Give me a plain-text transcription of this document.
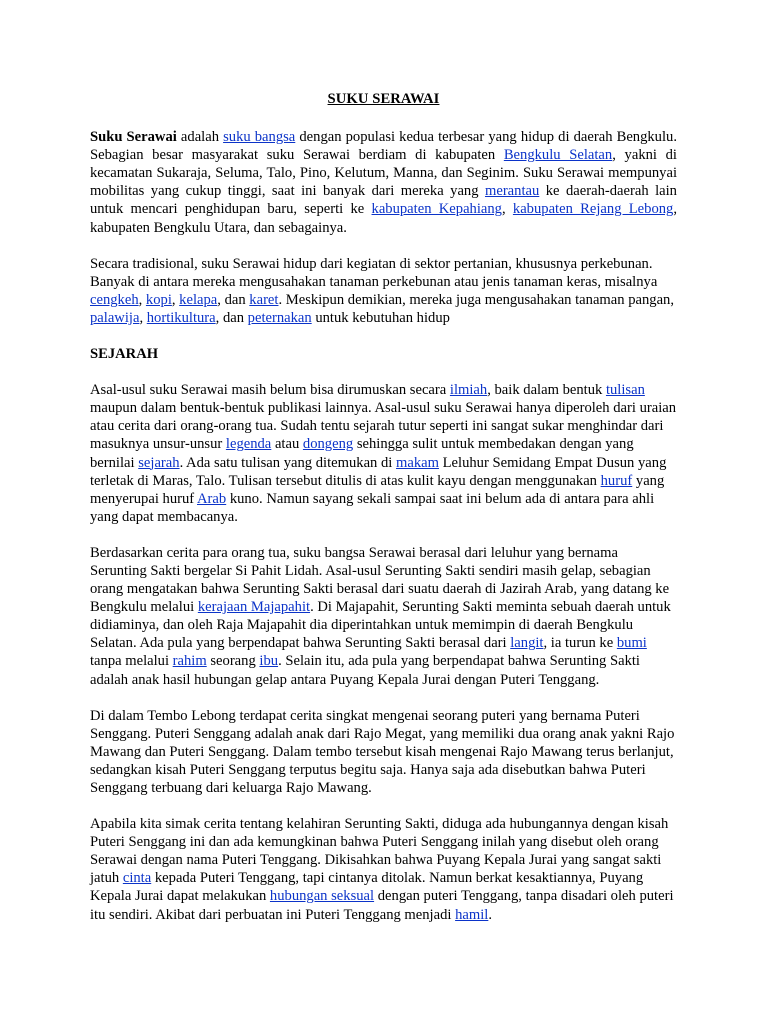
SUKU SERAWAI

Suku Serawai adalah suku bangsa dengan populasi kedua terbesar yang hidup di daerah Bengkulu. Sebagian besar masyarakat suku Serawai berdiam di kabupaten Bengkulu Selatan, yakni di kecamatan Sukaraja, Seluma, Talo, Pino, Kelutum, Manna, dan Seginim. Suku Serawai mempunyai mobilitas yang cukup tinggi, saat ini banyak dari mereka yang merantau ke daerah-daerah lain untuk mencari penghidupan baru, seperti ke kabupaten Kepahiang, kabupaten Rejang Lebong, kabupaten Bengkulu Utara, dan sebagainya.

Secara tradisional, suku Serawai hidup dari kegiatan di sektor pertanian, khususnya perkebunan. Banyak di antara mereka mengusahakan tanaman perkebunan atau jenis tanaman keras, misalnya cengkeh, kopi, kelapa, dan karet. Meskipun demikian, mereka juga mengusahakan tanaman pangan, palawija, hortikultura, dan peternakan untuk kebutuhan hidup

SEJARAH

Asal-usul suku Serawai masih belum bisa dirumuskan secara ilmiah, baik dalam bentuk tulisan maupun dalam bentuk-bentuk publikasi lainnya. Asal-usul suku Serawai hanya diperoleh dari uraian atau cerita dari orang-orang tua. Sudah tentu sejarah tutur seperti ini sangat sukar menghindar dari masuknya unsur-unsur legenda atau dongeng sehingga sulit untuk membedakan dengan yang bernilai sejarah. Ada satu tulisan yang ditemukan di makam Leluhur Semidang Empat Dusun yang terletak di Maras, Talo. Tulisan tersebut ditulis di atas kulit kayu dengan menggunakan huruf yang menyerupai huruf Arab kuno. Namun sayang sekali sampai saat ini belum ada di antara para ahli yang dapat membacanya.

Berdasarkan cerita para orang tua, suku bangsa Serawai berasal dari leluhur yang bernama Serunting Sakti bergelar Si Pahit Lidah. Asal-usul Serunting Sakti sendiri masih gelap, sebagian orang mengatakan bahwa Serunting Sakti berasal dari suatu daerah di Jazirah Arab, yang datang ke Bengkulu melalui kerajaan Majapahit. Di Majapahit, Serunting Sakti meminta sebuah daerah untuk didiaminya, dan oleh Raja Majapahit dia diperintahkan untuk memimpin di daerah Bengkulu Selatan. Ada pula yang berpendapat bahwa Serunting Sakti berasal dari langit, ia turun ke bumi tanpa melalui rahim seorang ibu. Selain itu, ada pula yang berpendapat bahwa Serunting Sakti adalah anak hasil hubungan gelap antara Puyang Kepala Jurai dengan Puteri Tenggang.

Di dalam Tembo Lebong terdapat cerita singkat mengenai seorang puteri yang bernama Puteri Senggang. Puteri Senggang adalah anak dari Rajo Megat, yang memiliki dua orang anak yakni Rajo Mawang dan Puteri Senggang. Dalam tembo tersebut kisah mengenai Rajo Mawang terus berlanjut, sedangkan kisah Puteri Senggang terputus begitu saja. Hanya saja ada disebutkan bahwa Puteri Senggang terbuang dari keluarga Rajo Mawang.

Apabila kita simak cerita tentang kelahiran Serunting Sakti, diduga ada hubungannya dengan kisah Puteri Senggang ini dan ada kemungkinan bahwa Puteri Senggang inilah yang disebut oleh orang Serawai dengan nama Puteri Tenggang. Dikisahkan bahwa Puyang Kepala Jurai yang sangat sakti jatuh cinta kepada Puteri Tenggang, tapi cintanya ditolak. Namun berkat kesaktiannya, Puyang Kepala Jurai dapat melakukan hubungan seksual dengan puteri Tenggang, tanpa disadari oleh puteri itu sendiri. Akibat dari perbuatan ini Puteri Tenggang menjadi hamil.
